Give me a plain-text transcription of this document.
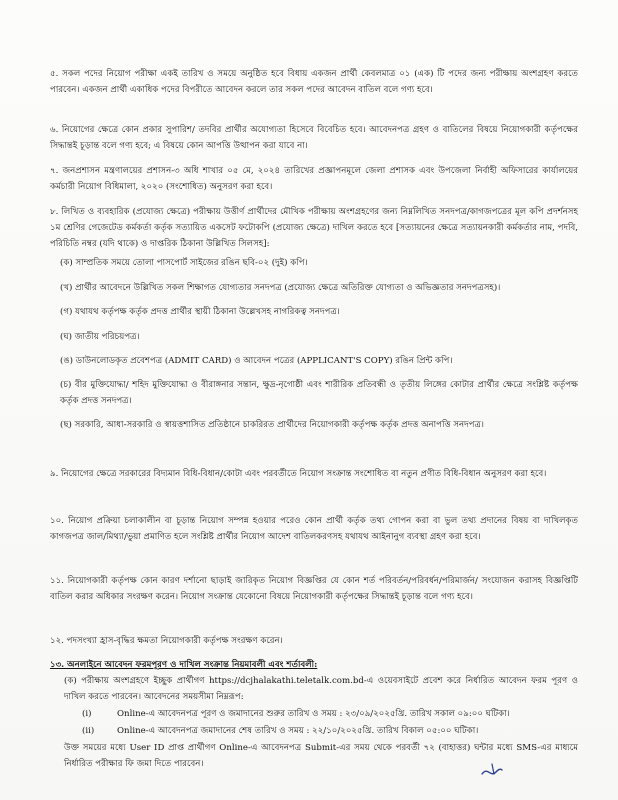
৫. সকল পদের নিয়োগ পরীক্ষা একই তারিখ ও সময়ে অনুষ্ঠিত হবে বিধায় একজন প্রার্থী কেবলমাত্র ০১ (এক) টি পদের জন্য পরীক্ষায় অংশগ্রহণ করতে পারবেন। একজন প্রার্থী একাধিক পদের বিপরীতে আবেদন করলে তার সকল পদের আবেদন বাতিল বলে গণ্য হবে।
৬. নিয়োগের ক্ষেত্রে কোন প্রকার সুপারিশ/ তদবির প্রার্থীর অযোগ্যতা হিসেবে বিবেচিত হবে। আবেদনপত্র গ্রহণ ও বাতিলের বিষয়ে নিয়োগকারী কর্তৃপক্ষের সিদ্ধান্তই চূড়ান্ত বলে গণ্য হবে; এ বিষয়ে কোন আপত্তি উত্থাপন করা যাবে না।
৭. জনপ্রশাসন মন্ত্রণালয়ের প্রশাসন-৩ অধি শাখার ০৫ মে, ২০২৪ তারিখের প্রজ্ঞাপনমূলে জেলা প্রশাসক এবং উপজেলা নির্বাহী অফিসারের কার্যালয়ের কর্মচারী নিয়োগ বিধিমালা, ২০২০ (সংশোধিত) অনুসরণ করা হবে।
৮. লিখিত ও ব্যবহারিক (প্রযোজ্য ক্ষেত্রে) পরীক্ষায় উত্তীর্ণ প্রার্থীদের মৌখিক পরীক্ষায় অংশগ্রহণের জন্য নিম্নলিখিত সনদপত্র/কাগজপত্রের মূল কপি প্রদর্শনসহ ১ম শ্রেণির গেজেটেড কর্মকর্তা কর্তৃক সত্যায়িত একসেট ফটোকপি (প্রযোজ্য ক্ষেত্রে) দাখিল করতে হবে [সত্যায়নের ক্ষেত্রে সত্যায়নকারী কর্মকর্তার নাম, পদবি, পরিচিতি নম্বর (যদি থাকে) ও দাপ্তরিক ঠিকানা উল্লিখিত সিলসহ]:
(ক) সাম্প্রতিক সময়ে তোলা পাসপোর্ট সাইজের রঙিন ছবি-০২ (দুই) কপি।
(খ) প্রার্থীর আবেদনে উল্লিখিত সকল শিক্ষাগত যোগ্যতার সনদপত্র (প্রযোজ্য ক্ষেত্রে অতিরিক্ত যোগ্যতা ও অভিজ্ঞতার সনদপত্রসহ)।
(গ) যথাযথ কর্তৃপক্ষ কর্তৃক প্রদত্ত প্রার্থীর স্থায়ী ঠিকানা উল্লেখসহ নাগরিকত্ব সনদপত্র।
(ঘ) জাতীয় পরিচয়পত্র।
(ঙ) ডাউনলোডকৃত প্রবেশপত্র (ADMIT CARD) ও আবেদন পত্রের (APPLICANT'S COPY) রঙিন প্রিন্ট কপি।
(চ) বীর মুক্তিযোদ্ধা/ শহিদ মুক্তিযোদ্ধা ও বীরাঙ্গনার সন্তান, ক্ষুদ্র-নৃগোষ্ঠী এবং শারীরিক প্রতিবন্ধী ও তৃতীয় লিঙ্গের কোটার প্রার্থীর ক্ষেত্রে সংশ্লিষ্ট কর্তৃপক্ষ কর্তৃক প্রদত্ত সনদপত্র।
(ছ) সরকারি, আধা-সরকারি ও স্বায়ত্তশাসিত প্রতিষ্ঠানে চাকরিরত প্রার্থীদের নিয়োগকারী কর্তৃপক্ষ কর্তৃক প্রদত্ত অনাপত্তি সনদপত্র।
৯. নিয়োগের ক্ষেত্রে সরকারের বিদ্যমান বিধি-বিধান/কোটা এবং পরবর্তীতে নিয়োগ সংক্রান্ত সংশোধিত বা নতুন প্রণীত বিধি-বিধান অনুসরণ করা হবে।
১০. নিয়োগ প্রক্রিয়া চলাকালীন বা চূড়ান্ত নিয়োগ সম্পন্ন হওয়ার পরেও কোন প্রার্থী কর্তৃক তথ্য গোপন করা বা ভুল তথ্য প্রদানের বিষয় বা দাখিলকৃত কাগজপত্র জাল/মিথ্যা/ভুয়া প্রমাণিত হলে সংশ্লিষ্ট প্রার্থীর নিয়োগ আদেশ বাতিলকরণসহ যথাযথ আইনানুগ ব্যবস্থা গ্রহণ করা হবে।
১১. নিয়োগকারী কর্তৃপক্ষ কোন কারণ দর্শানো ছাড়াই জারিকৃত নিয়োগ বিজ্ঞপ্তির যে কোন শর্ত পরিবর্তন/পরিবর্ধন/পরিমার্জন/ সংযোজন করাসহ বিজ্ঞপ্তিটি বাতিল করার অধিকার সংরক্ষণ করেন। নিয়োগ সংক্রান্ত যেকোনো বিষয়ে নিয়োগকারী কর্তৃপক্ষের সিদ্ধান্তই চূড়ান্ত বলে গণ্য হবে।
১২. পদসংখ্যা হ্রাস-বৃদ্ধির ক্ষমতা নিয়োগকারী কর্তৃপক্ষ সংরক্ষণ করেন।
১৩. অনলাইনে আবেদন ফরমপূরণ ও দাখিল সংক্রান্ত নিয়মাবলী এবং শর্তাবলী:
(ক) পরীক্ষায় অংশগ্রহণে ইচ্ছুক প্রার্থীগণ https://dcjhalakathi.teletalk.com.bd-এ ওয়েবসাইটে প্রবেশ করে নির্ধারিত আবেদন ফরম পূরণ ও দাখিল করতে পারবেন। আবেদনের সময়সীমা নিম্নরূপ:
(i)	Online-এ আবেদনপত্র পূরণ ও জমাদানের শুরুর তারিখ ও সময় : ২৩/০৯/২০২৫খ্রি. তারিখ সকাল ০৯:০০ ঘটিকা।
(ii)	Online-এ আবেদনপত্র জমাদানের শেষ তারিখ ও সময় : ২২/১০/২০২৫খ্রি. তারিখ বিকাল ০৫:০০ ঘটিকা।
উক্ত সময়ের মধ্যে User ID প্রাপ্ত প্রার্থীগণ Online-এ আবেদনপত্র Submit-এর সময় থেকে পরবর্তী ৭২ (বাহাত্তর) ঘন্টার মধ্যে SMS-এর মাধ্যমে নির্ধারিত পরীক্ষার ফি জমা দিতে পারবেন।
